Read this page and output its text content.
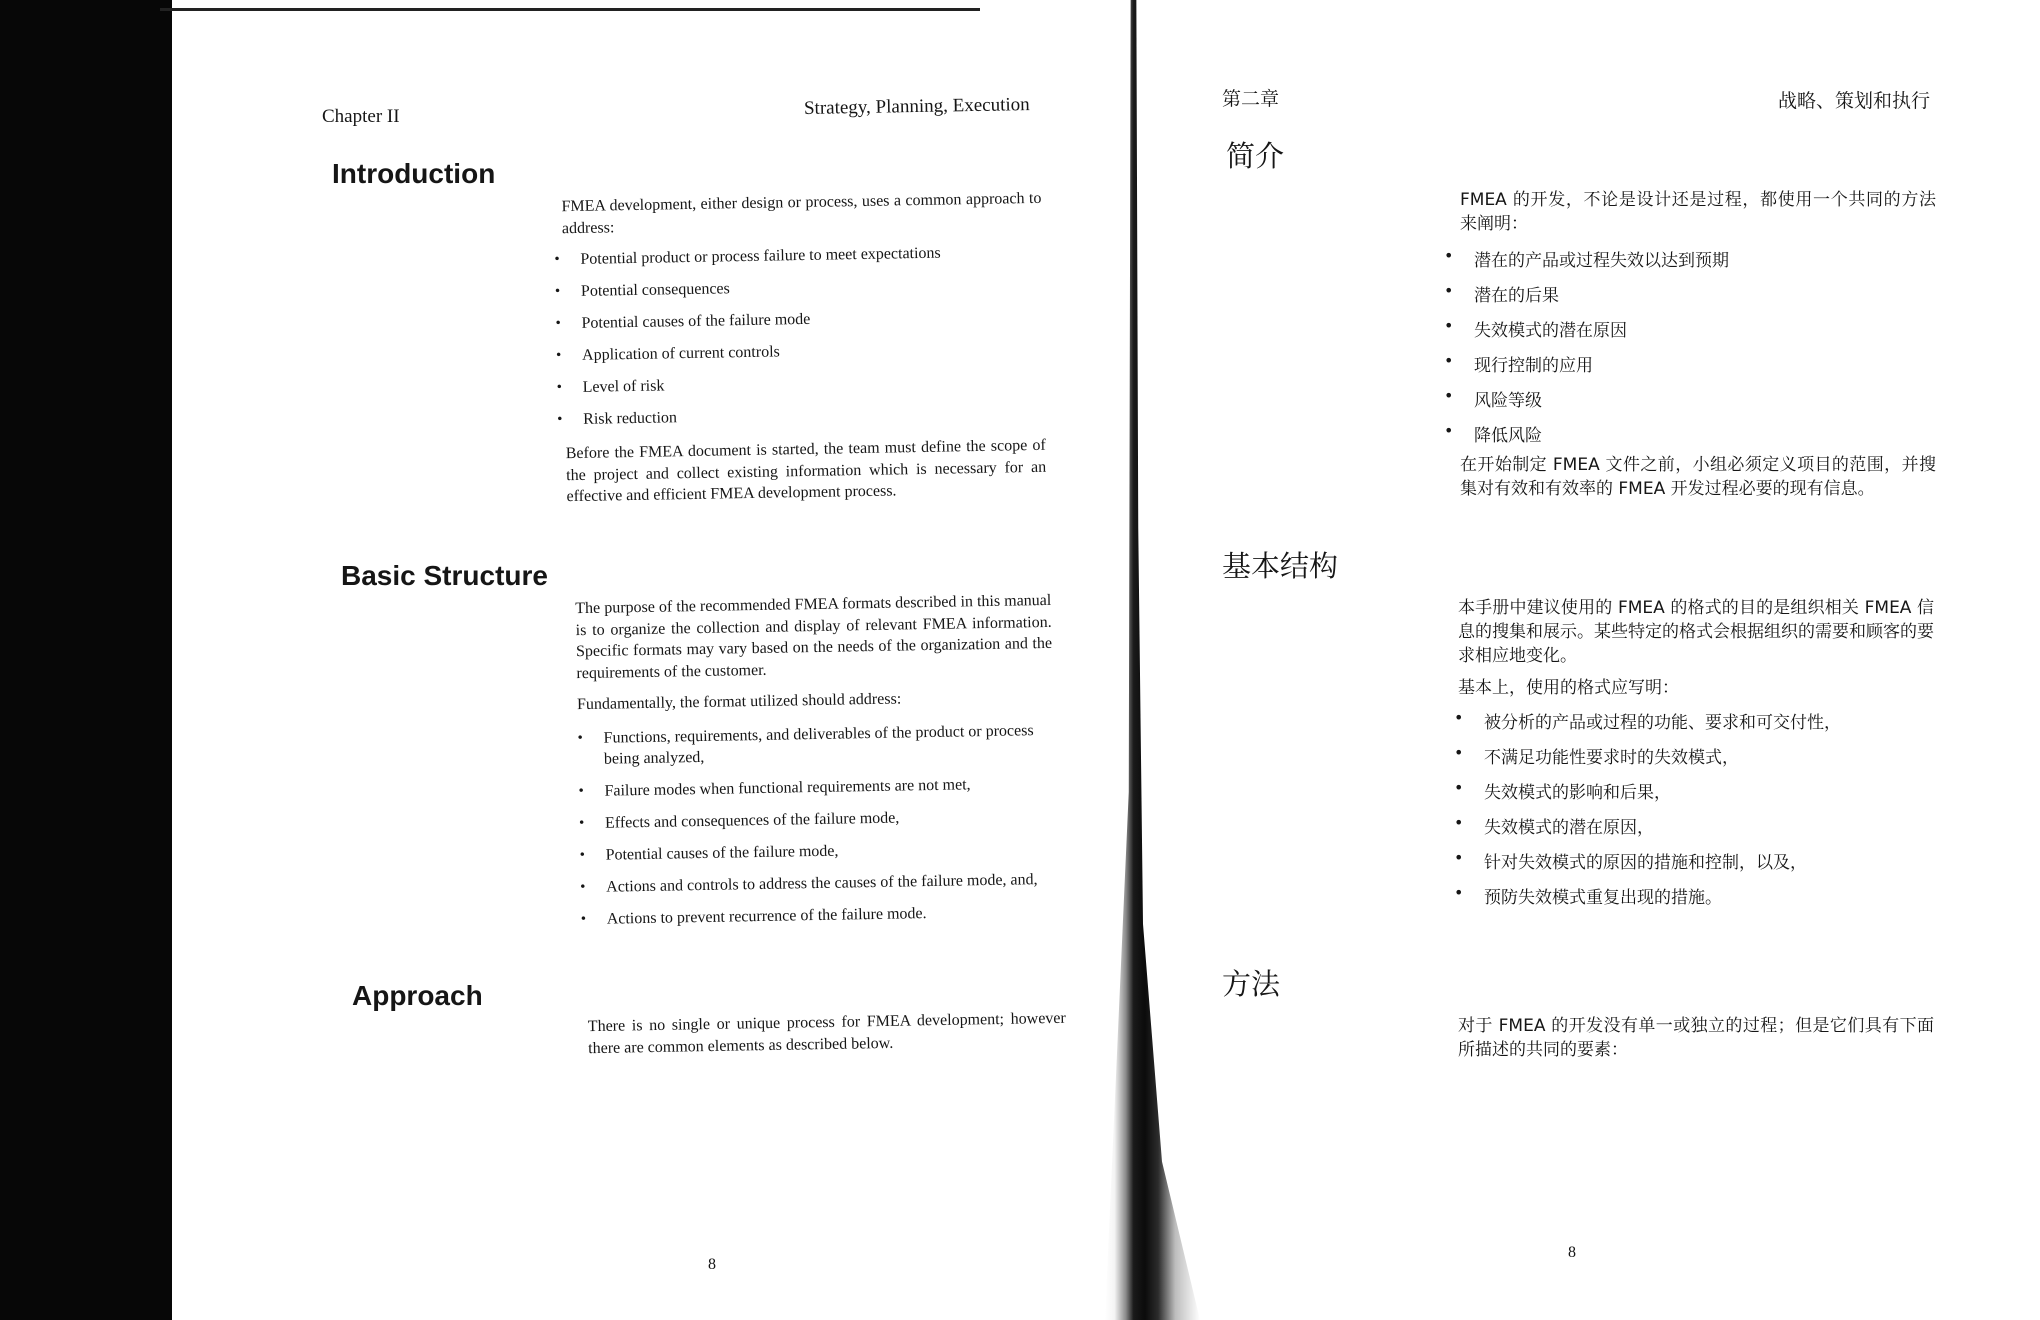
Chapter II	Strategy, Planning, Execution
Introduction

FMEA development, either design or process, uses a common approach to address:

• Potential product or process failure to meet expectations
• Potential consequences
• Potential causes of the failure mode
• Application of current controls
• Level of risk
• Risk reduction

Before the FMEA document is started, the team must define the scope of the project and collect existing information which is necessary for an effective and efficient FMEA development process.

Basic Structure

The purpose of the recommended FMEA formats described in this manual is to organize the collection and display of relevant FMEA information. Specific formats may vary based on the needs of the organization and the requirements of the customer.

Fundamentally, the format utilized should address:

• Functions, requirements, and deliverables of the product or process being analyzed,
• Failure modes when functional requirements are not met,
• Effects and consequences of the failure mode,
• Potential causes of the failure mode,
• Actions and controls to address the causes of the failure mode, and,
• Actions to prevent recurrence of the failure mode.
Approach

There is no single or unique process for FMEA development; however there are common elements as described below.

8
第二章	战略、策划和执行
简介

FMEA 的开发，不论是设计还是过程，都使用一个共同的方法来阐明：

• 潜在的产品或过程失效以达到预期
• 潜在的后果
• 失效模式的潜在原因
• 现行控制的应用
• 风险等级
• 降低风险

在开始制定 FMEA 文件之前，小组必须定义项目的范围，并搜集对有效和有效率的 FMEA 开发过程必要的现有信息。

基本结构

本手册中建议使用的 FMEA 的格式的目的是组织相关 FMEA 信息的搜集和展示。某些特定的格式会根据组织的需要和顾客的要求相应地变化。

基本上，使用的格式应写明：

• 被分析的产品或过程的功能、要求和可交付性，
• 不满足功能性要求时的失效模式，
• 失效模式的影响和后果，
• 失效模式的潜在原因，
• 针对失效模式的原因的措施和控制，以及，
• 预防失效模式重复出现的措施。
方法

对于 FMEA 的开发没有单一或独立的过程；但是它们具有下面所描述的共同的要素：

8
